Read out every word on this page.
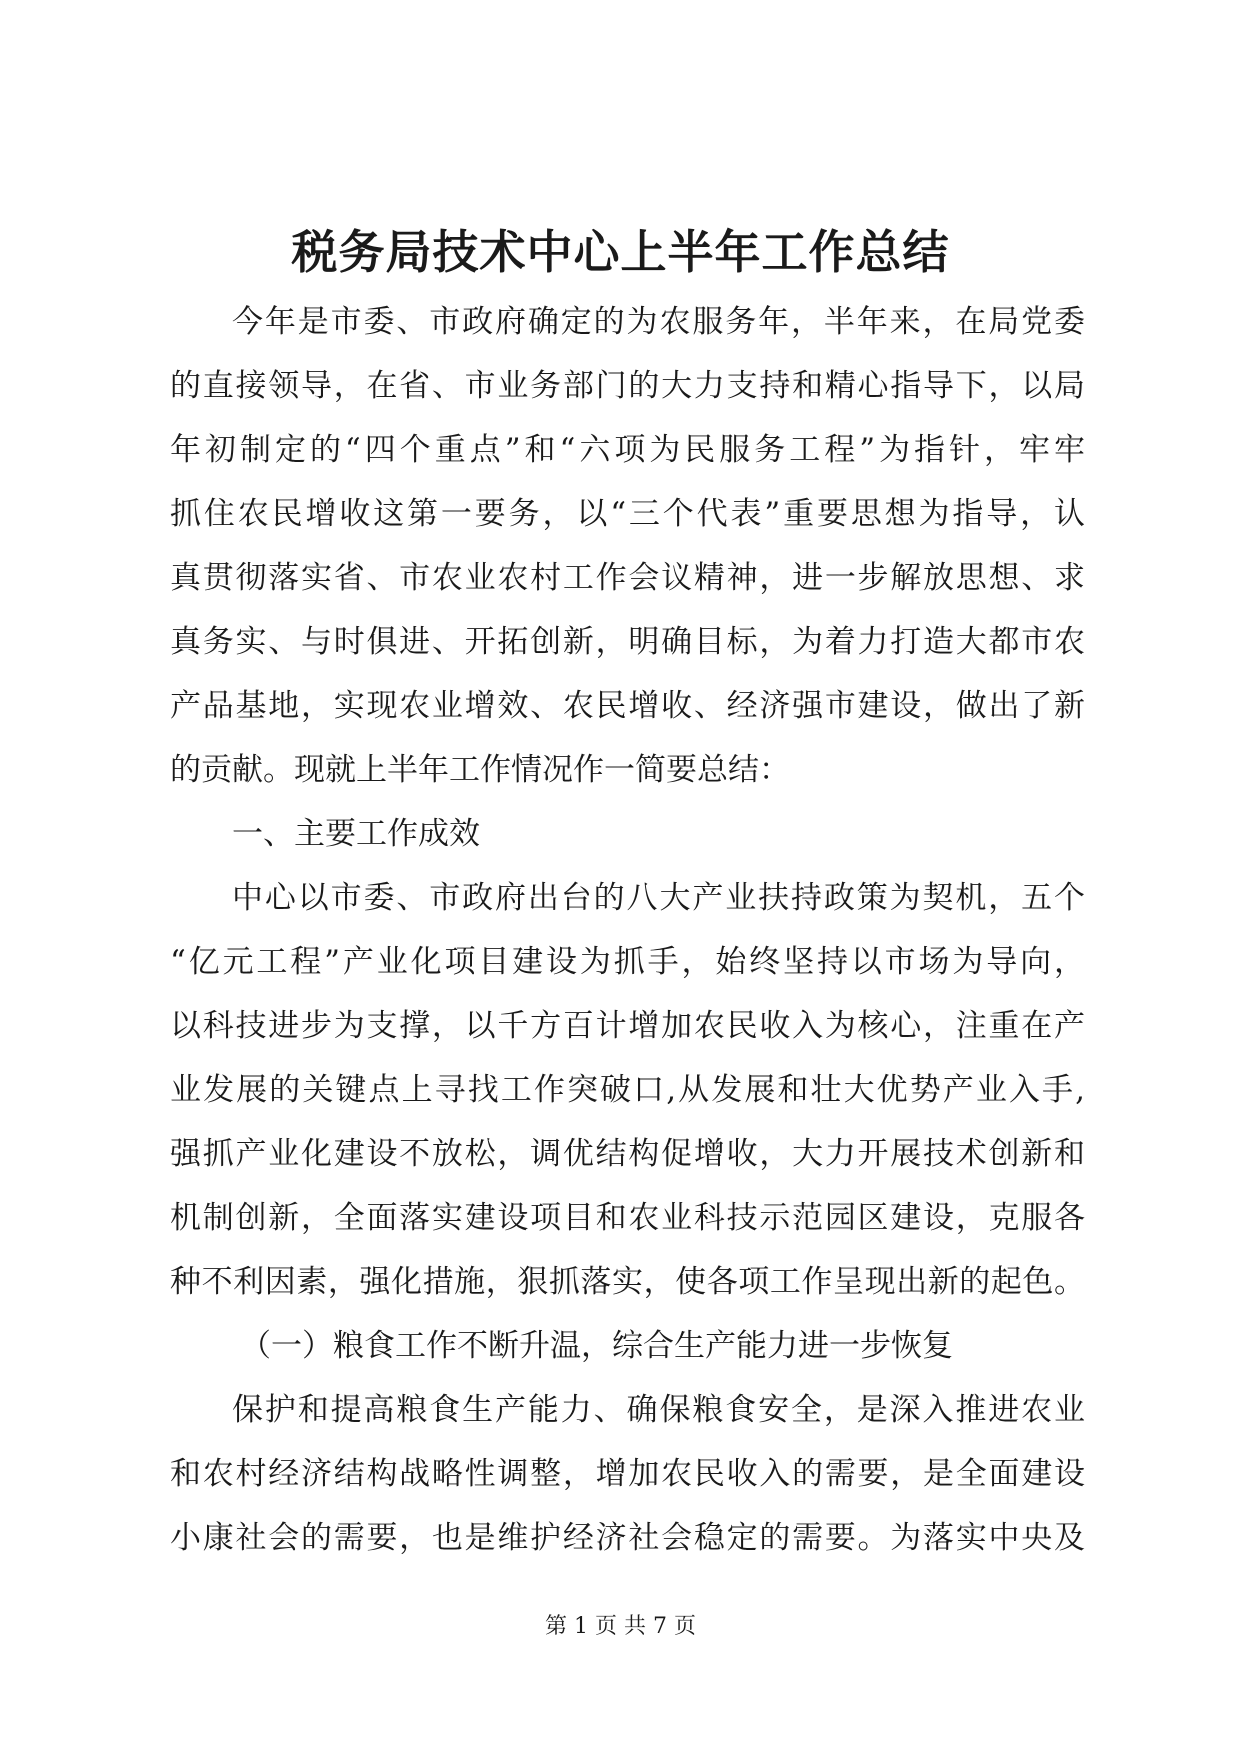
税务局技术中心上半年工作总结
今年是市委、市政府确定的为农服务年，半年来，在局党委
的直接领导，在省、市业务部门的大力支持和精心指导下，以局
年初制定的“四个重点”和“六项为民服务工程”为指针，牢牢
抓住农民增收这第一要务，以“三个代表”重要思想为指导，认
真贯彻落实省、市农业农村工作会议精神，进一步解放思想、求
真务实、与时俱进、开拓创新，明确目标，为着力打造大都市农
产品基地，实现农业增效、农民增收、经济强市建设，做出了新
的贡献。现就上半年工作情况作一简要总结：
一、主要工作成效
中心以市委、市政府出台的八大产业扶持政策为契机，五个
“亿元工程”产业化项目建设为抓手，始终坚持以市场为导向，
以科技进步为支撑，以千方百计增加农民收入为核心，注重在产
业发展的关键点上寻找工作突破口,从发展和壮大优势产业入手,
强抓产业化建设不放松，调优结构促增收，大力开展技术创新和
机制创新，全面落实建设项目和农业科技示范园区建设，克服各
种不利因素，强化措施，狠抓落实，使各项工作呈现出新的起色。
（一）粮食工作不断升温，综合生产能力进一步恢复
保护和提高粮食生产能力、确保粮食安全，是深入推进农业
和农村经济结构战略性调整，增加农民收入的需要，是全面建设
小康社会的需要，也是维护经济社会稳定的需要。为落实中央及
第 1 页 共 7 页
